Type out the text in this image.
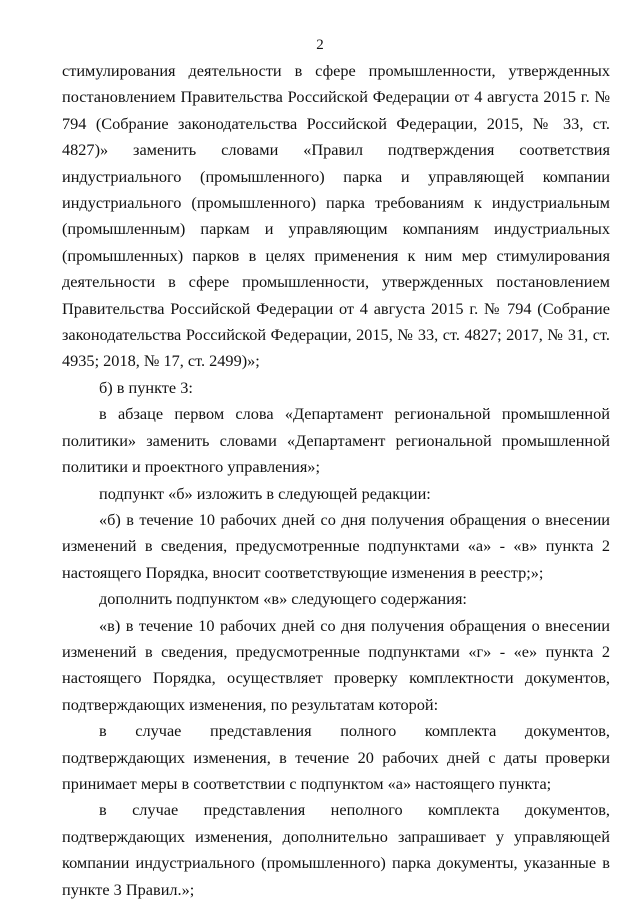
2

стимулирования деятельности в сфере промышленности, утвержденных постановлением Правительства Российской Федерации от 4 августа 2015 г. № 794 (Собрание законодательства Российской Федерации, 2015, № 33, ст. 4827)» заменить словами «Правил подтверждения соответствия индустриального (промышленного) парка и управляющей компании индустриального (промышленного) парка требованиям к индустриальным (промышленным) паркам и управляющим компаниям индустриальных (промышленных) парков в целях применения к ним мер стимулирования деятельности в сфере промышленности, утвержденных постановлением Правительства Российской Федерации от 4 августа 2015 г. № 794 (Собрание законодательства Российской Федерации, 2015, № 33, ст. 4827; 2017, № 31, ст. 4935; 2018, № 17, ст. 2499)»;

б) в пункте 3:

в абзаце первом слова «Департамент региональной промышленной политики» заменить словами «Департамент региональной промышленной политики и проектного управления»;

подпункт «б» изложить в следующей редакции:

«б) в течение 10 рабочих дней со дня получения обращения о внесении изменений в сведения, предусмотренные подпунктами «а» - «в» пункта 2 настоящего Порядка, вносит соответствующие изменения в реестр;»;

дополнить подпунктом «в» следующего содержания:

«в) в течение 10 рабочих дней со дня получения обращения о внесении изменений в сведения, предусмотренные подпунктами «г» - «е» пункта 2 настоящего Порядка, осуществляет проверку комплектности документов, подтверждающих изменения, по результатам которой:

в случае представления полного комплекта документов, подтверждающих изменения, в течение 20 рабочих дней с даты проверки принимает меры в соответствии с подпунктом «а» настоящего пункта;

в случае представления неполного комплекта документов, подтверждающих изменения, дополнительно запрашивает у управляющей компании индустриального (промышленного) парка документы, указанные в пункте 3 Правил.»;
